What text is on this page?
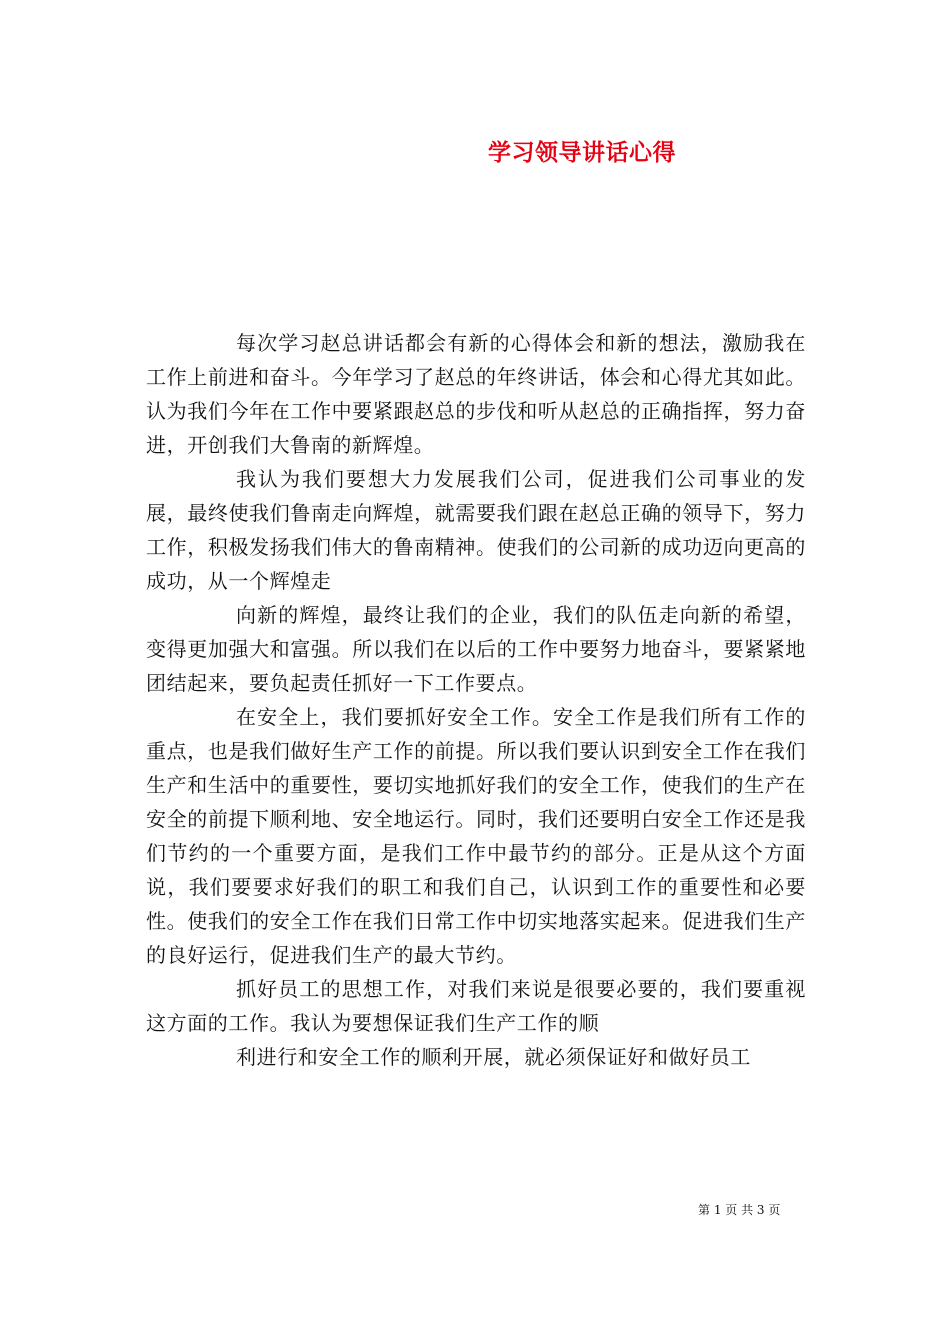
学习领导讲话心得

每次学习赵总讲话都会有新的心得体会和新的想法，激励我在工作上前进和奋斗。今年学习了赵总的年终讲话，体会和心得尤其如此。认为我们今年在工作中要紧跟赵总的步伐和听从赵总的正确指挥，努力奋进，开创我们大鲁南的新辉煌。

我认为我们要想大力发展我们公司，促进我们公司事业的发展，最终使我们鲁南走向辉煌，就需要我们跟在赵总正确的领导下，努力工作，积极发扬我们伟大的鲁南精神。使我们的公司新的成功迈向更高的成功，从一个辉煌走

向新的辉煌，最终让我们的企业，我们的队伍走向新的希望，变得更加强大和富强。所以我们在以后的工作中要努力地奋斗，要紧紧地团结起来，要负起责任抓好一下工作要点。

在安全上，我们要抓好安全工作。安全工作是我们所有工作的重点，也是我们做好生产工作的前提。所以我们要认识到安全工作在我们生产和生活中的重要性，要切实地抓好我们的安全工作，使我们的生产在安全的前提下顺利地、安全地运行。同时，我们还要明白安全工作还是我们节约的一个重要方面，是我们工作中最节约的部分。正是从这个方面说，我们要要求好我们的职工和我们自己，认识到工作的重要性和必要性。使我们的安全工作在我们日常工作中切实地落实起来。促进我们生产的良好运行，促进我们生产的最大节约。

抓好员工的思想工作，对我们来说是很要必要的，我们要重视这方面的工作。我认为要想保证我们生产工作的顺

利进行和安全工作的顺利开展，就必须保证好和做好员工

第 1 页 共 3 页
